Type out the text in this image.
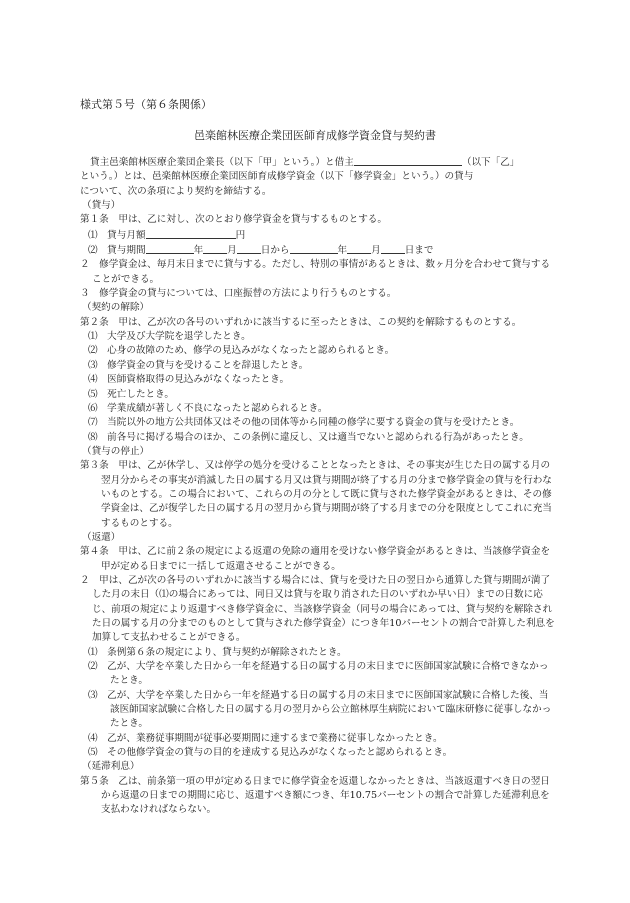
様式第５号（第６条関係）
邑楽館林医療企業団医師育成修学資金貸与契約書

貸主邑楽館林医療企業団企業長（以下「甲」という。）と借主	（以下「乙」

という。）とは、邑楽館林医療企業団医師育成修学資金（以下「修学資金」という。）の貸与

について、次の条項により契約を締結する。

（貸与）

第１条　甲は、乙に対し、次のとおり修学資金を貸与するものとする。

⑴　貸与月額	円

⑵　貸与期間	年	月	日から	年	月	日まで

２　修学資金は、毎月末日までに貸与する。ただし、特別の事情があるときは、数ヶ月分を合わせて貸与することができる。

３　修学資金の貸与については、口座振替の方法により行うものとする。

（契約の解除）

第２条　甲は、乙が次の各号のいずれかに該当するに至ったときは、この契約を解除するものとする。

⑴　大学及び大学院を退学したとき。

⑵　心身の故障のため、修学の見込みがなくなったと認められるとき。

⑶　修学資金の貸与を受けることを辞退したとき。

⑷　医師資格取得の見込みがなくなったとき。

⑸　死亡したとき。

⑹　学業成績が著しく不良になったと認められるとき。

⑺　当院以外の地方公共団体又はその他の団体等から同種の修学に要する資金の貸与を受けたとき。

⑻　前各号に掲げる場合のほか、この条例に違反し、又は適当でないと認められる行為があったとき。

（貸与の停止）

第３条　甲は、乙が休学し、又は停学の処分を受けることとなったときは、その事実が生じた日の属する月の翌月分からその事実が消滅した日の属する月又は貸与期間が終了する月の分まで修学資金の貸与を行わないものとする。この場合において、これらの月の分として既に貸与された修学資金があるときは、その修学資金は、乙が復学した日の属する月の翌月から貸与期間が終了する月までの分を限度としてこれに充当するものとする。

（返還）

第４条　甲は、乙に前２条の規定による返還の免除の適用を受けない修学資金があるときは、当該修学資金を甲が定める日までに一括して返還させることができる。

２　甲は、乙が次の各号のいずれかに該当する場合には、貸与を受けた日の翌日から通算した貸与期間が満了した月の末日（⑴の場合にあっては、同日又は貸与を取り消された日のいずれか早い日）までの日数に応じ、前項の規定により返還すべき修学資金に、当該修学資金（同号の場合にあっては、貸与契約を解除された日の属する月の分までのものとして貸与された修学資金）につき年10パーセントの割合で計算した利息を加算して支払わせることができる。

⑴　条例第６条の規定により、貸与契約が解除されたとき。

⑵　乙が、大学を卒業した日から一年を経過する日の属する月の末日までに医師国家試験に合格できなかったとき。

⑶　乙が、大学を卒業した日から一年を経過する日の属する月の末日までに医師国家試験に合格した後、当該医師国家試験に合格した日の属する月の翌月から公立館林厚生病院において臨床研修に従事しなかったとき。

⑷　乙が、業務従事期間が従事必要期間に達するまで業務に従事しなかったとき。

⑸　その他修学資金の貸与の目的を達成する見込みがなくなったと認められるとき。

（延滞利息）

第５条　乙は、前条第一項の甲が定める日までに修学資金を返還しなかったときは、当該返還すべき日の翌日から返還の日までの期間に応じ、返還すべき額につき、年10.75パーセントの割合で計算した延滞利息を支払わなければならない。
